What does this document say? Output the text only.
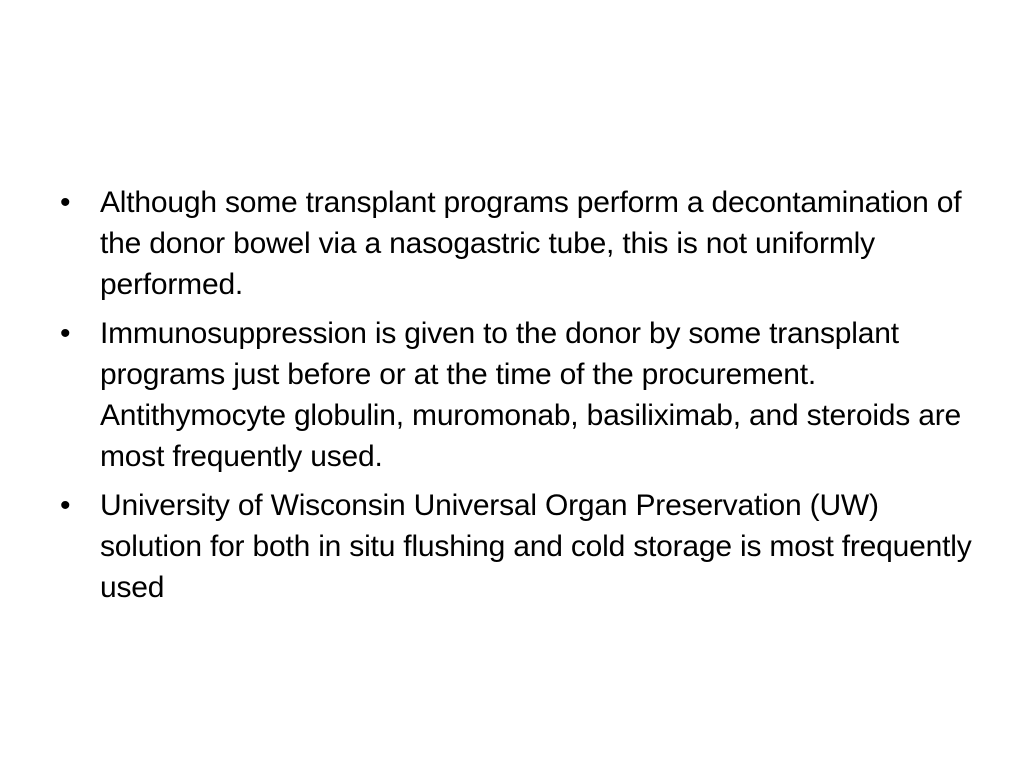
• Although some transplant programs perform a decontamination of the donor bowel via a nasogastric tube, this is not uniformly performed.
• Immunosuppression is given to the donor by some transplant programs just before or at the time of the procurement. Antithymocyte globulin, muromonab, basiliximab, and steroids are most frequently used.
• University of Wisconsin Universal Organ Preservation (UW) solution for both in situ flushing and cold storage is most frequently used
